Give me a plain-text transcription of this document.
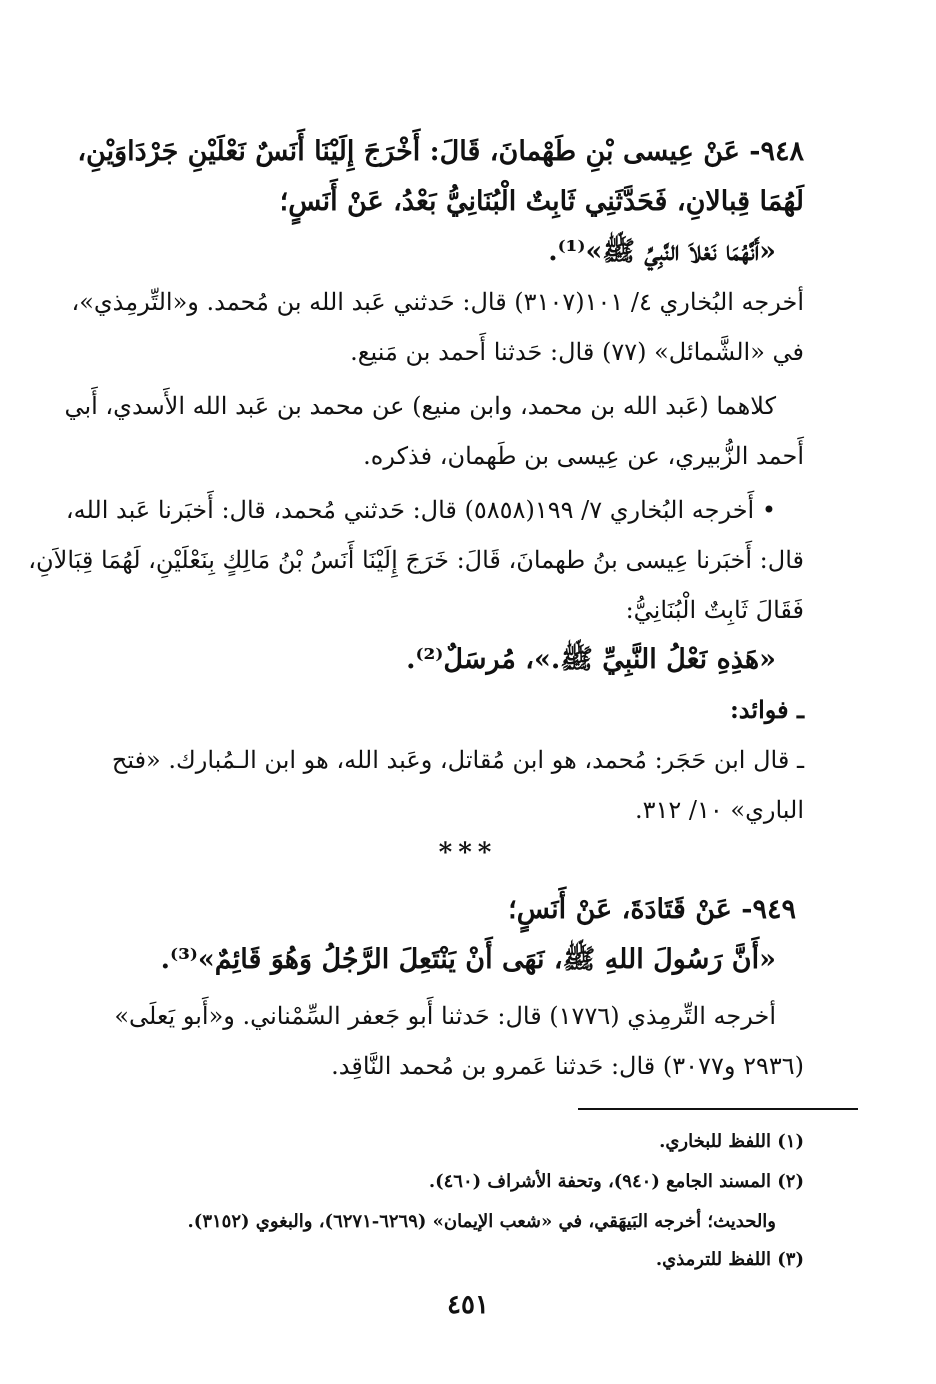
٩٤٨- عَنْ عِيسى بْنِ طَهْمانَ، قَالَ: أَخْرَجَ إِلَيْنَا أَنَسٌ نَعْلَيْنِ جَرْدَاوَيْنِ،
لَهُمَا قِبالانِ، فَحَدَّثَنِي ثَابِتٌ الْبُنَانِيُّ بَعْدُ، عَنْ أَنَسٍ؛
«أَنَّهُمَا نَعْلاَ النَّبِيِّ ﷺ»⁽¹⁾.
أخرجه البُخاري ٤/ ١٠١(٣١٠٧) قال: حَدثني عَبد الله بن مُحمد. و«التِّرمِذي»،
في «الشَّمائل» (٧٧) قال: حَدثنا أَحمد بن مَنيع.
كلاهما (عَبد الله بن محمد، وابن منيع) عن محمد بن عَبد الله الأَسدي، أَبي
أَحمد الزُّبيري، عن عِيسى بن طَهمان، فذكره.
• أَخرجه البُخاري ٧/ ١٩٩(٥٨٥٨) قال: حَدثني مُحمد، قال: أَخبَرنا عَبد الله،
قال: أَخبَرنا عِيسى بنُ طهمانَ، قَالَ: خَرَجَ إِلَيْنَا أَنَسُ بْنُ مَالِكٍ بِنَعْلَيْنِ، لَهُمَا قِبَالاَنِ،
فَقَالَ ثَابِتٌ الْبُنَانِيُّ:
«هَذِهِ نَعْلُ النَّبِيِّ ﷺ.»، مُرسَلٌ⁽²⁾.
ـ فوائد:
ـ قال ابن حَجَر: مُحمد، هو ابن مُقاتل، وعَبد الله، هو ابن الـمُبارك. «فتح
الباري» ١٠/ ٣١٢.
***
٩٤٩- عَنْ قَتَادَةَ، عَنْ أَنَسٍ؛
«أَنَّ رَسُولَ اللهِ ﷺ، نَهَى أَنْ يَنْتَعِلَ الرَّجُلُ وَهُوَ قَائِمٌ»⁽³⁾.
أخرجه التِّرمِذي (١٧٧٦) قال: حَدثنا أَبو جَعفر السِّمْناني. و«أَبو يَعلَى»
(٢٩٣٦ و٣٠٧٧) قال: حَدثنا عَمرو بن مُحمد النَّاقِد.
(١) اللفظ للبخاري.
(٢) المسند الجامع (٩٤٠)، وتحفة الأشراف (٤٦٠).
والحديث؛ أخرجه البَيهَقي، في «شعب الإيمان» (٦٢٦٩-٦٢٧١)، والبغوي (٣١٥٢).
(٣) اللفظ للترمذي.
٤٥١
